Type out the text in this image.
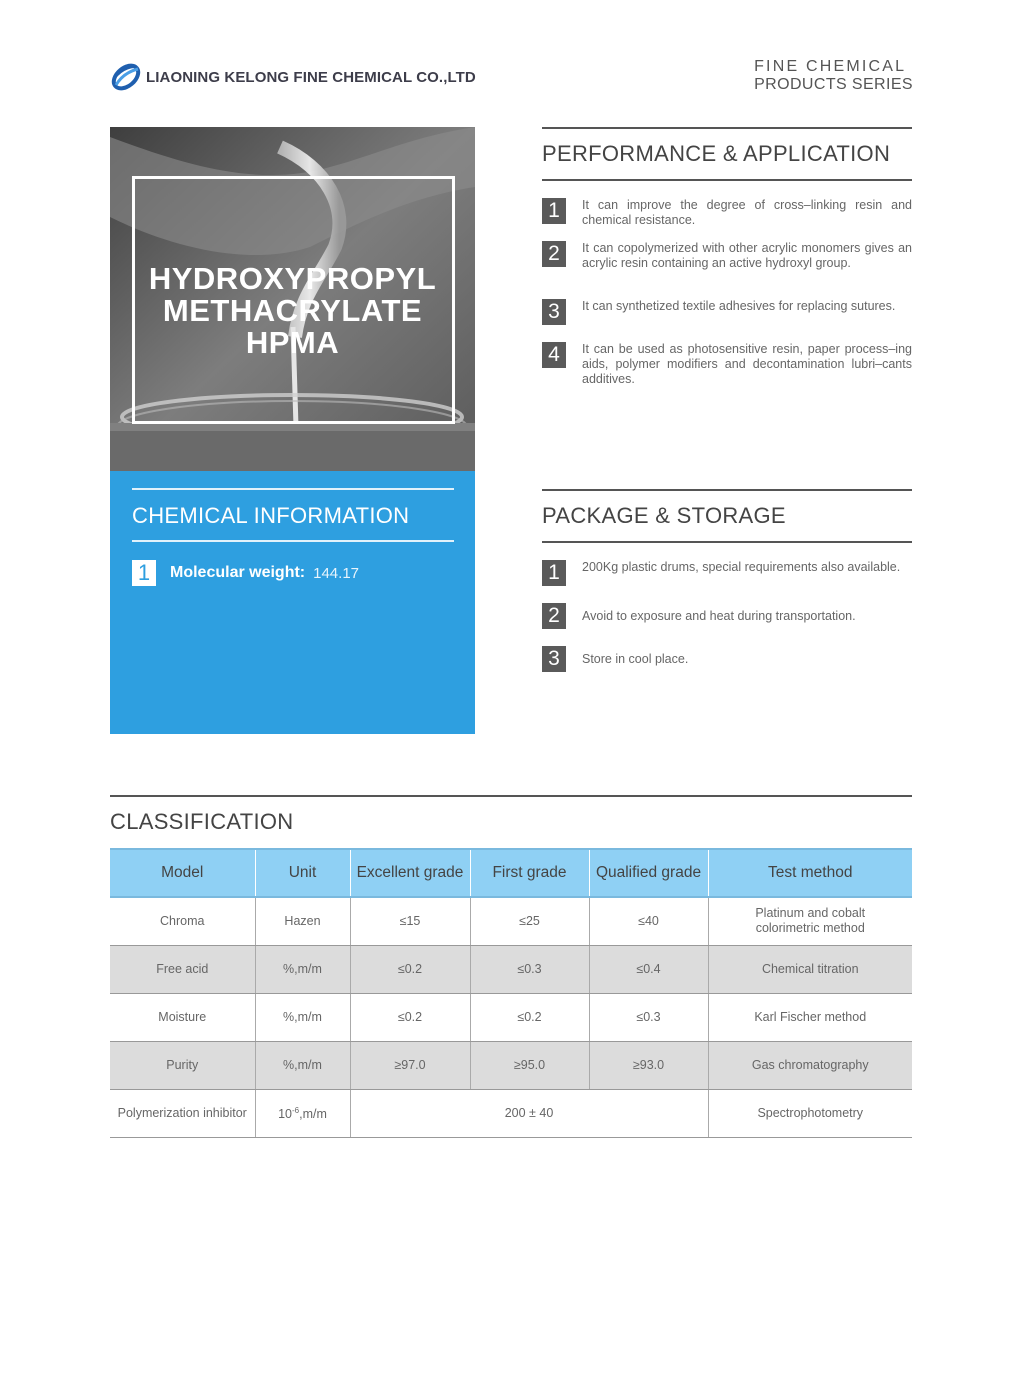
LIAONING KELONG FINE CHEMICAL CO.,LTD
FINE CHEMICAL
PRODUCTS SERIES
HYDROXYPROPYL
METHACRYLATE
HPMA
CHEMICAL INFORMATION
1	Molecular weight: 144.17
PERFORMANCE & APPLICATION
1	It can improve the degree of cross–linking resin and chemical resistance.
2	It can copolymerized with other acrylic monomers gives an acrylic resin containing an active hydroxyl group.
3	It can synthetized textile adhesives for replacing sutures.
4	It can be used as photosensitive resin, paper process–ing aids, polymer modifiers and decontamination lubri–cants additives.
PACKAGE & STORAGE
1	200Kg plastic drums, special requirements also available.
2	Avoid to exposure and heat during transportation.
3	Store in cool place.
CLASSIFICATION
Model	Unit	Excellent grade	First grade	Qualified grade	Test method
Chroma	Hazen	≤15	≤25	≤40	Platinum and cobalt colorimetric method
Free acid	%,m/m	≤0.2	≤0.3	≤0.4	Chemical titration
Moisture	%,m/m	≤0.2	≤0.2	≤0.3	Karl Fischer method
Purity	%,m/m	≥97.0	≥95.0	≥93.0	Gas chromatography
Polymerization inhibitor	$10^{-6},m/m$	200 ± 40			Spectrophotometry
